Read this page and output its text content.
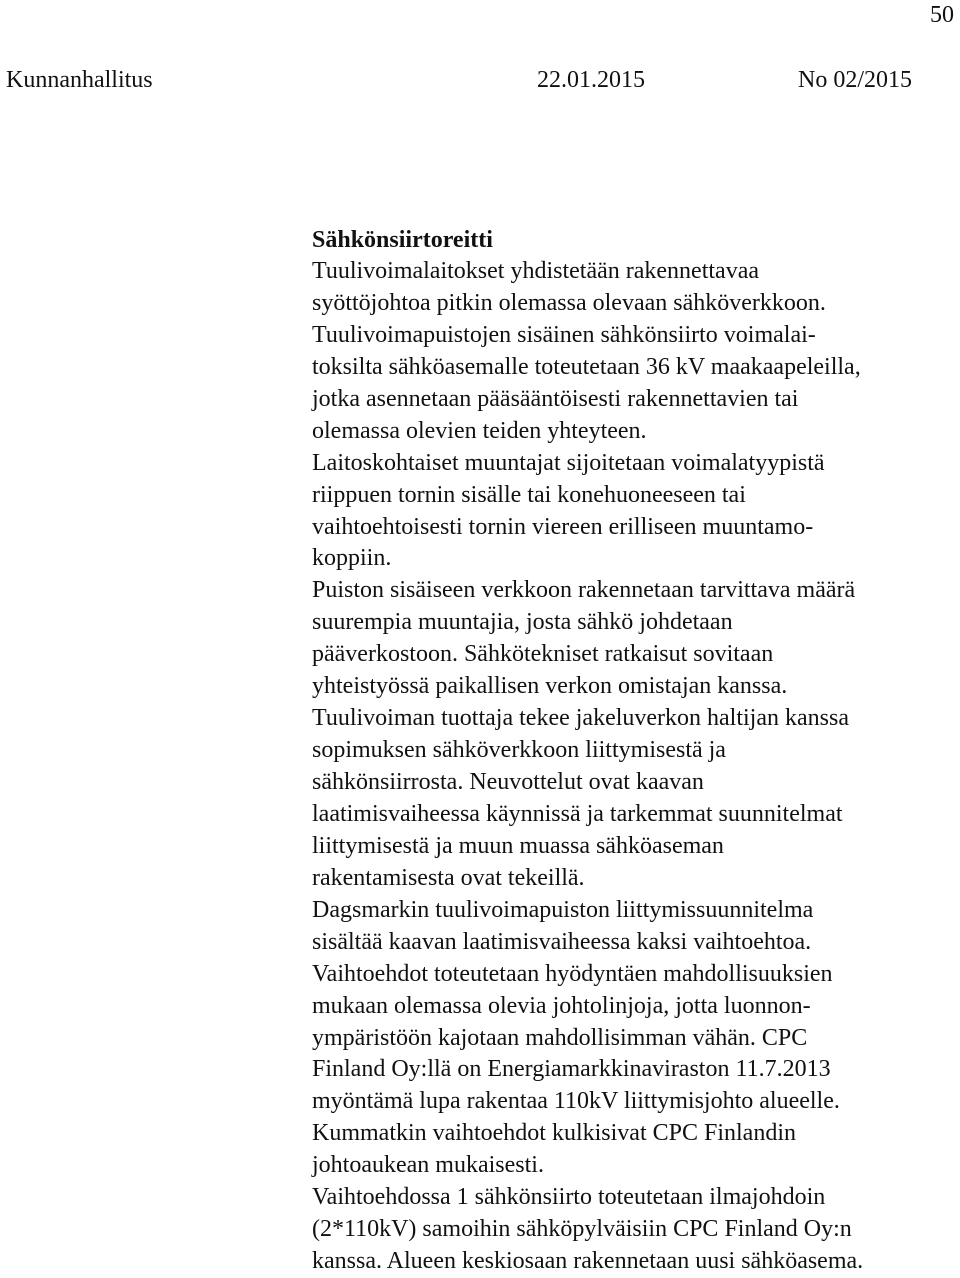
50
Kunnanhallitus	22.01.2015	No 02/2015
Sähkönsiirtoreitti
Tuulivoimalaitokset yhdistetään rakennettavaa
syöttöjohtoa pitkin olemassa olevaan sähköverkkoon.
Tuulivoimapuistojen sisäinen sähkönsiirto voimalai-
toksilta sähköasemalle toteutetaan 36 kV maakaapeleilla,
jotka asennetaan pääsääntöisesti rakennettavien tai
olemassa olevien teiden yhteyteen.
Laitoskohtaiset muuntajat sijoitetaan voimalatyypistä
riippuen tornin sisälle tai konehuoneeseen tai
vaihtoehtoisesti tornin viereen erilliseen muuntamo-
koppiin.
Puiston sisäiseen verkkoon rakennetaan tarvittava määrä
suurempia muuntajia, josta sähkö johdetaan
pääverkostoon. Sähkötekniset ratkaisut sovitaan
yhteistyössä paikallisen verkon omistajan kanssa.
Tuulivoiman tuottaja tekee jakeluverkon haltijan kanssa
sopimuksen sähköverkkoon liittymisestä ja
sähkönsiirrosta. Neuvottelut ovat kaavan
laatimisvaiheessa käynnissä ja tarkemmat suunnitelmat
liittymisestä ja muun muassa sähköaseman
rakentamisesta ovat tekeillä.
Dagsmarkin tuulivoimapuiston liittymissuunnitelma
sisältää kaavan laatimisvaiheessa kaksi vaihtoehtoa.
Vaihtoehdot toteutetaan hyödyntäen mahdollisuuksien
mukaan olemassa olevia johtolinjoja, jotta luonnon-
ympäristöön kajotaan mahdollisimman vähän. CPC
Finland Oy:llä on Energiamarkkinaviraston 11.7.2013
myöntämä lupa rakentaa 110kV liittymisjohto alueelle.
Kummatkin vaihtoehdot kulkisivat CPC Finlandin
johtoaukean mukaisesti.
Vaihtoehdossa 1 sähkönsiirto toteutetaan ilmajohdoin
(2*110kV) samoihin sähköpylväisiin CPC Finland Oy:n
kanssa. Alueen keskiosaan rakennetaan uusi sähköasema.
